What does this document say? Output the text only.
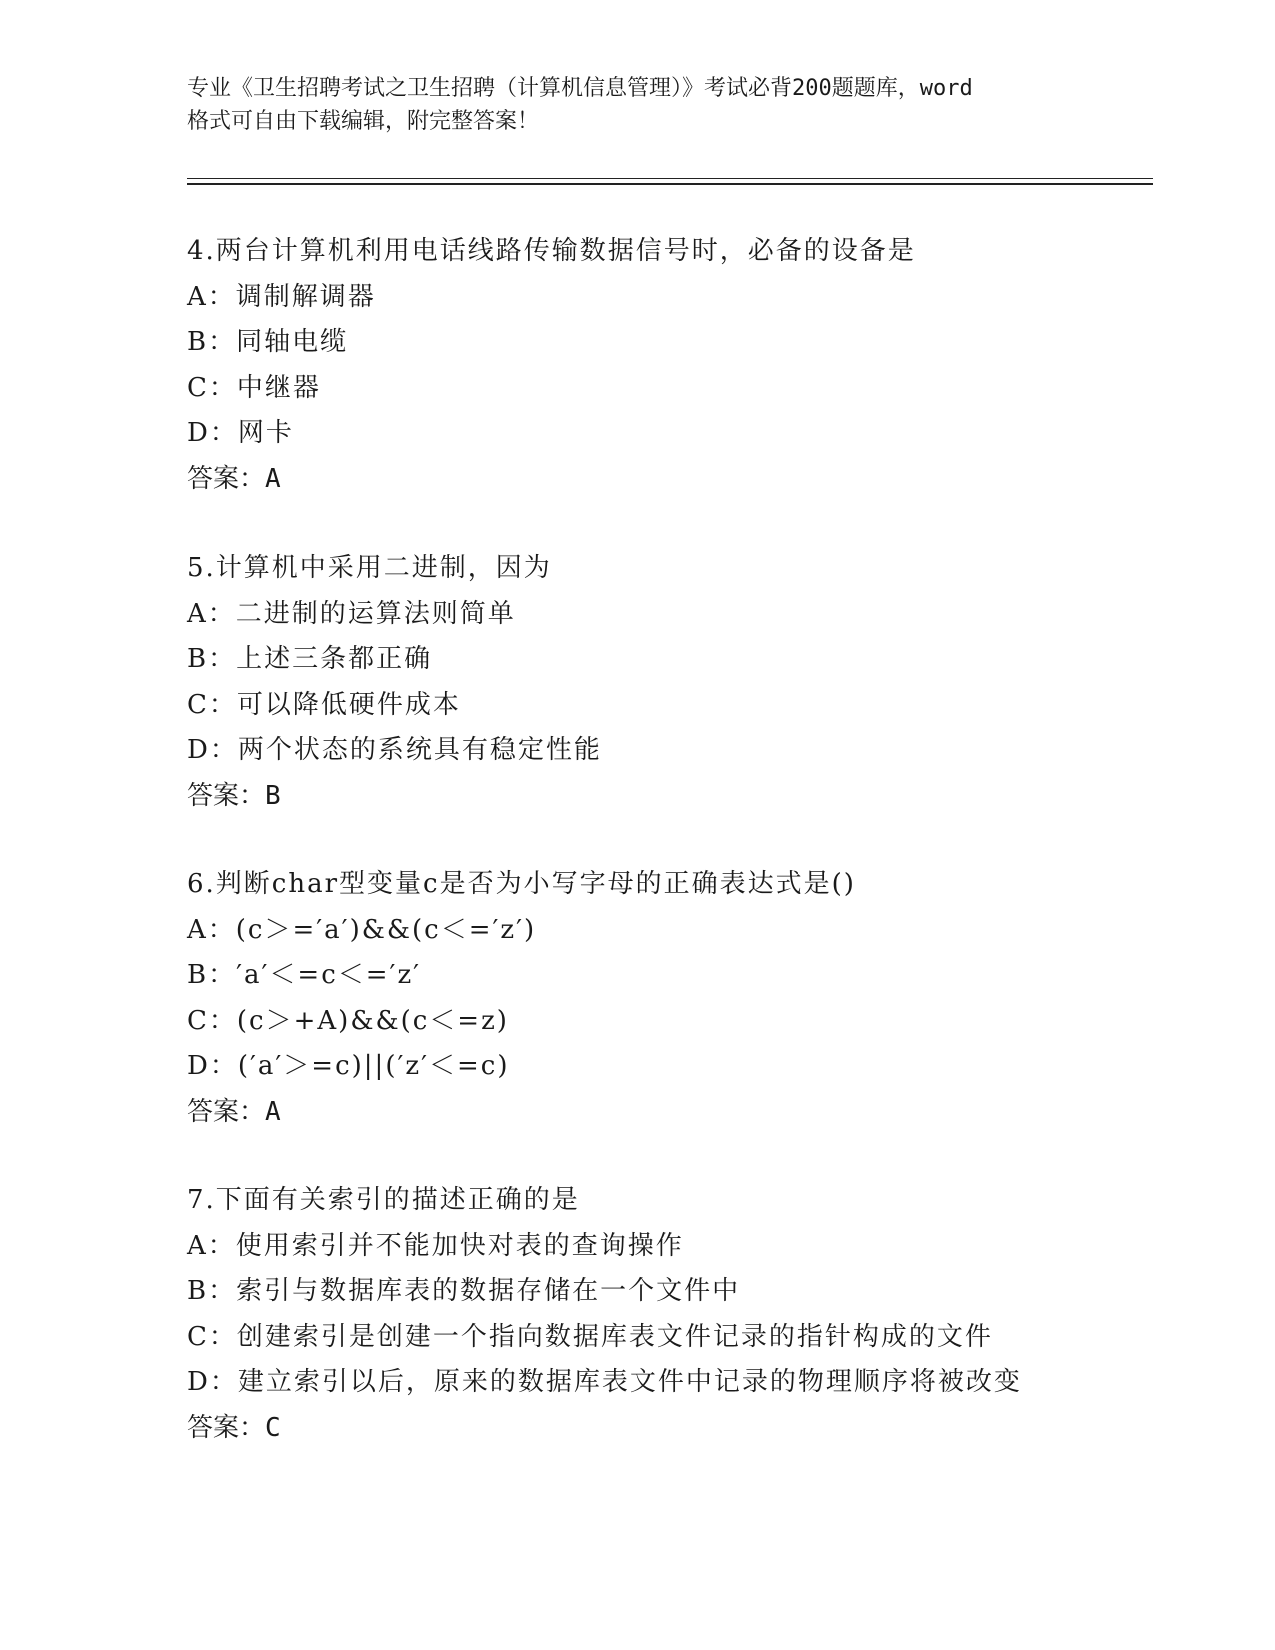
专业《卫生招聘考试之卫生招聘（计算机信息管理）》考试必背200题题库，word
格式可自由下载编辑，附完整答案！
4.两台计算机利用电话线路传输数据信号时，必备的设备是
A：调制解调器
B：同轴电缆
C：中继器
D：网卡
答案：A
5.计算机中采用二进制，因为
A：二进制的运算法则简单
B：上述三条都正确
C：可以降低硬件成本
D：两个状态的系统具有稳定性能
答案：B
6.判断char型变量c是否为小写字母的正确表达式是()
A：(c＞=′a′)&&(c＜=′z′)
B：′a′＜=c＜=′z′
C：(c＞+A)&&(c＜=z)
D：(′a′＞=c)||(′z′＜=c)
答案：A
7.下面有关索引的描述正确的是
A：使用索引并不能加快对表的查询操作
B：索引与数据库表的数据存储在一个文件中
C：创建索引是创建一个指向数据库表文件记录的指针构成的文件
D：建立索引以后，原来的数据库表文件中记录的物理顺序将被改变
答案：C
